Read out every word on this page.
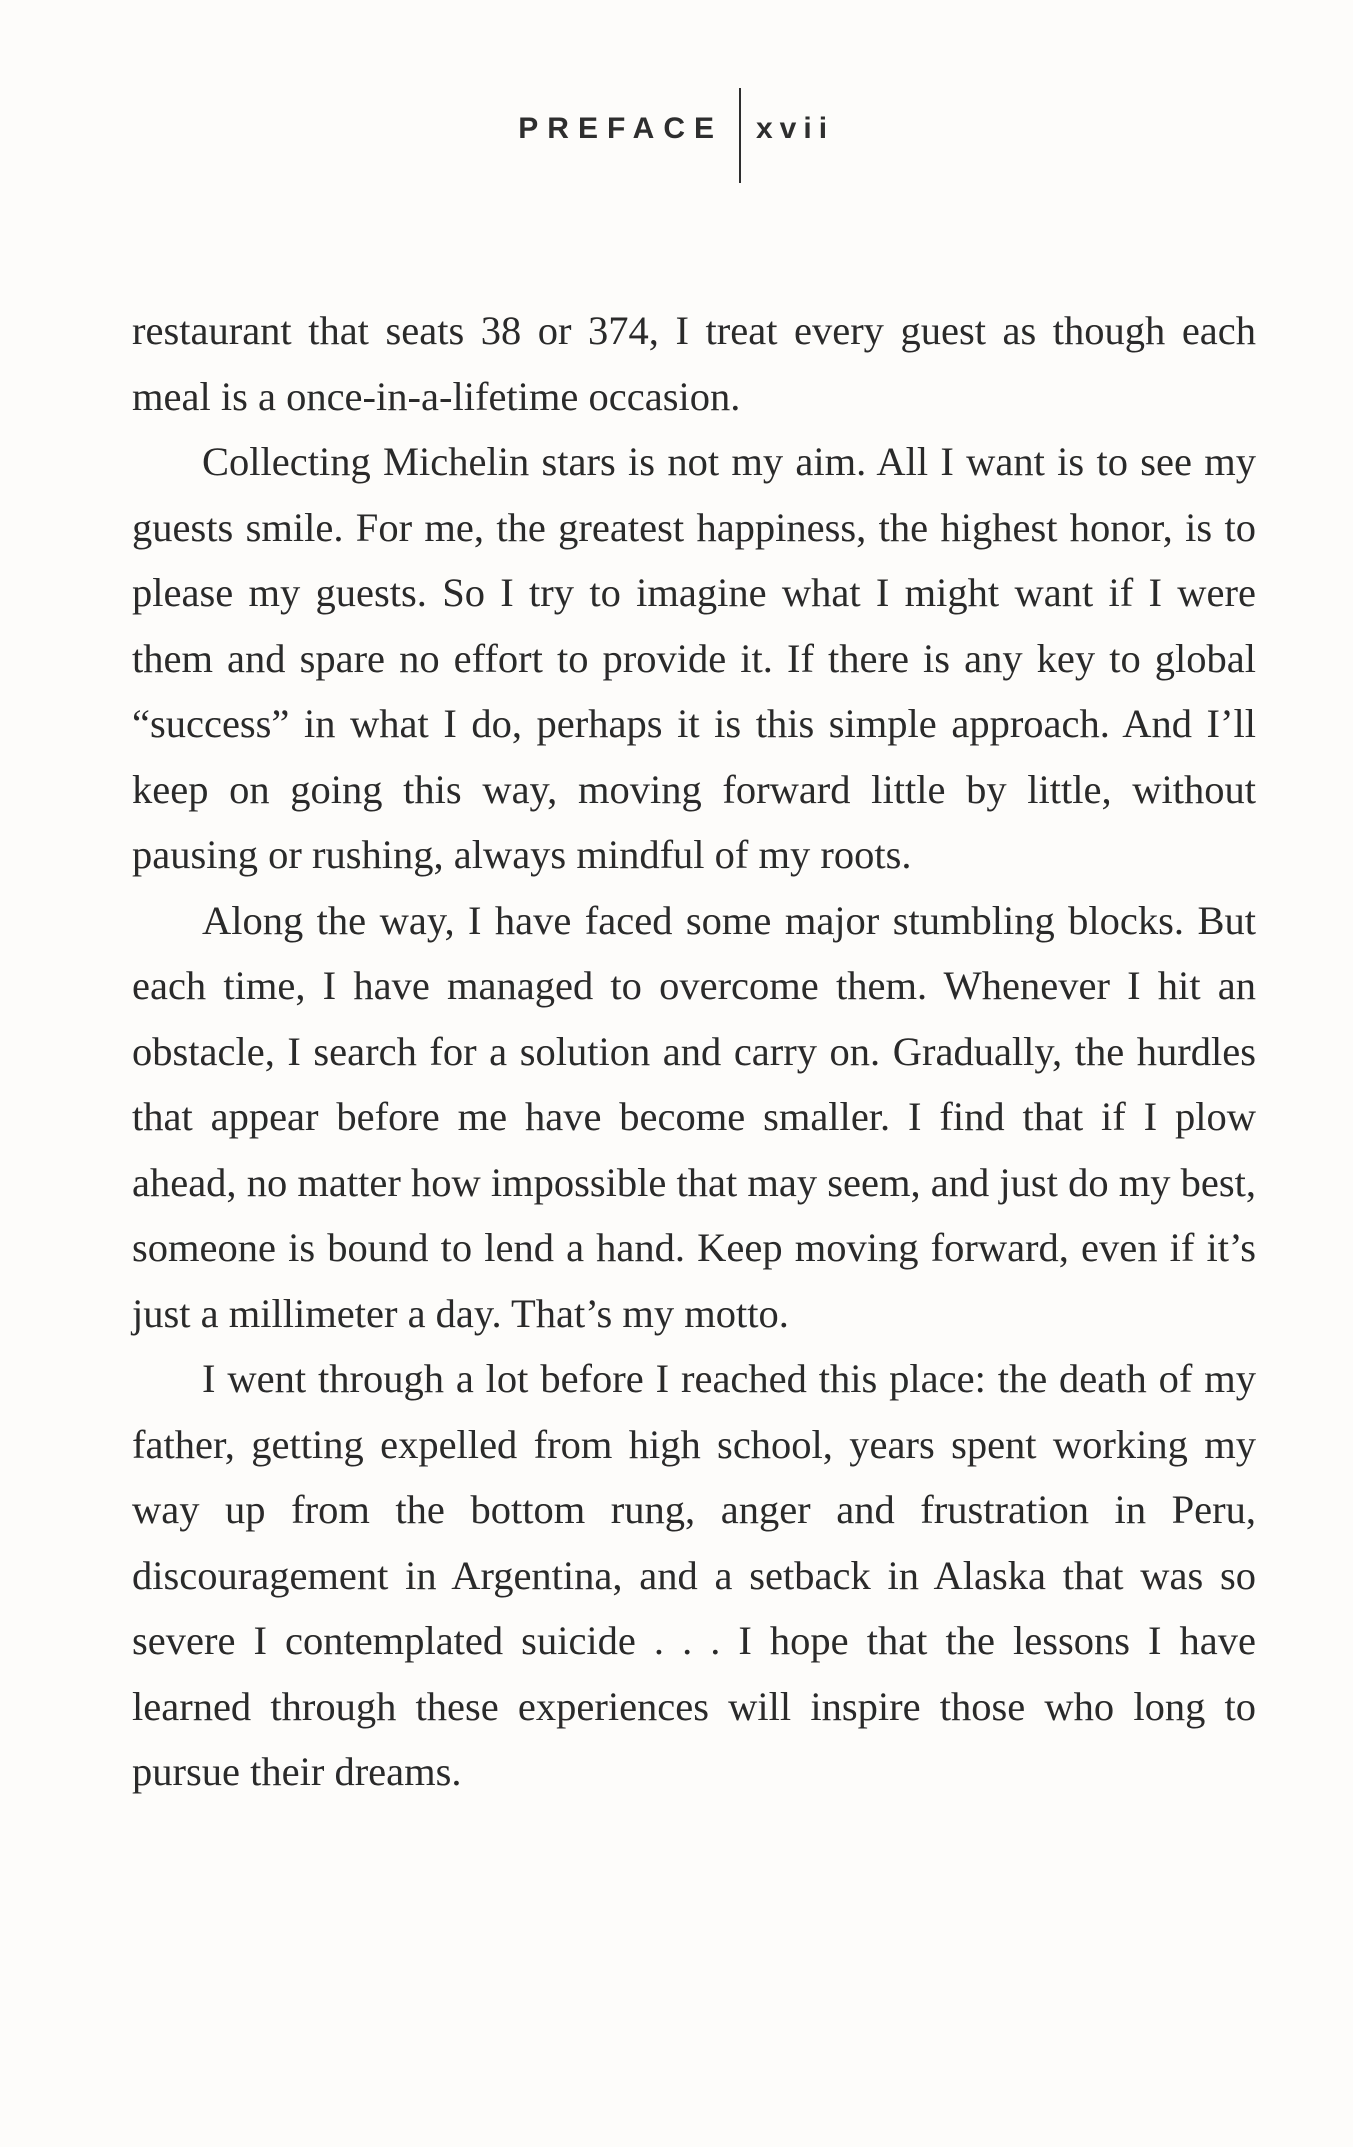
PREFACE xvii

restaurant that seats 38 or 374, I treat every guest as though each meal is a once-in-a-lifetime occasion.

Collecting Michelin stars is not my aim. All I want is to see my guests smile. For me, the greatest happiness, the highest honor, is to please my guests. So I try to imagine what I might want if I were them and spare no effort to provide it. If there is any key to global “success” in what I do, perhaps it is this simple approach. And I’ll keep on going this way, moving forward little by little, without pausing or rushing, always mindful of my roots.

Along the way, I have faced some major stumbling blocks. But each time, I have managed to overcome them. Whenever I hit an obstacle, I search for a solution and carry on. Gradually, the hurdles that appear before me have become smaller. I find that if I plow ahead, no matter how impossible that may seem, and just do my best, someone is bound to lend a hand. Keep moving forward, even if it’s just a millimeter a day. That’s my motto.

I went through a lot before I reached this place: the death of my father, getting expelled from high school, years spent working my way up from the bottom rung, anger and frustration in Peru, discouragement in Argentina, and a setback in Alaska that was so severe I contemplated suicide . . . I hope that the lessons I have learned through these experiences will inspire those who long to pursue their dreams.
